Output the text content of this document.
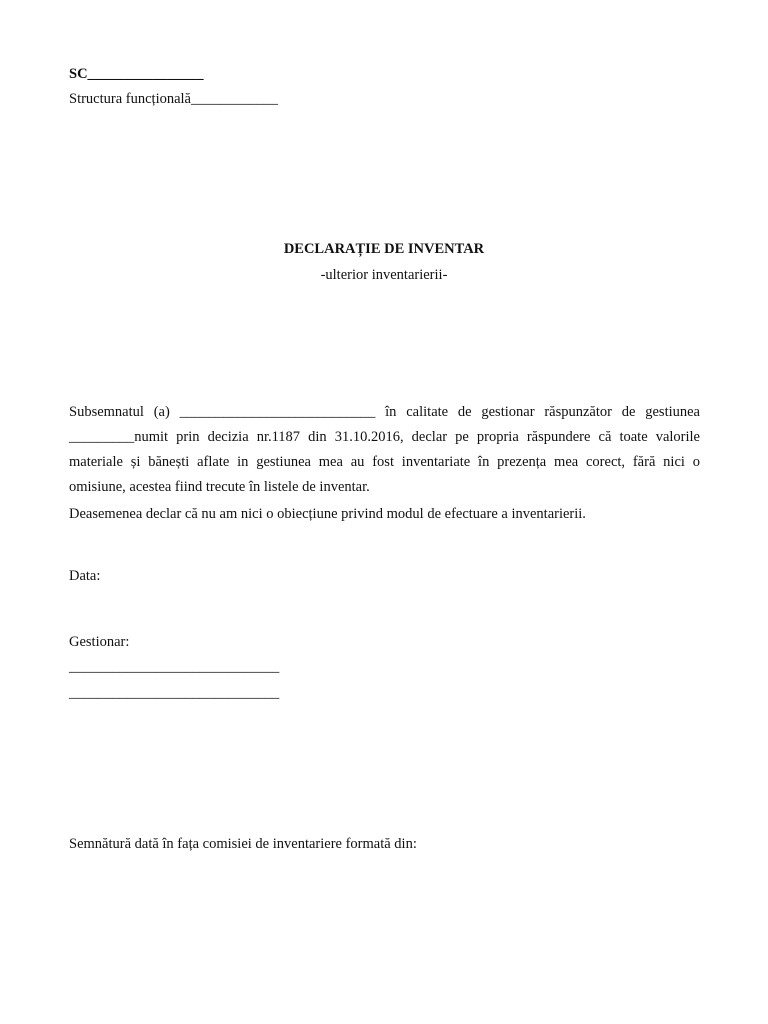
SC________________
Structura funcțională____________
DECLARAȚIE DE INVENTAR
-ulterior inventarierii-
Subsemnatul (a) ___________________________ în calitate de gestionar răspunzător de gestiunea
_________numit prin decizia nr.1187 din 31.10.2016, declar pe propria răspundere că toate valorile
materiale și bănești aflate in gestiunea mea au fost inventariate în prezența mea corect, fără nici o
omisiune, acestea fiind trecute în listele de inventar.
Deasemenea declar că nu am nici o obiecțiune privind modul de efectuare a inventarierii.
Data:
Gestionar:
_____________________________
_____________________________
Semnătură dată în fața comisiei de inventariere formată din:
